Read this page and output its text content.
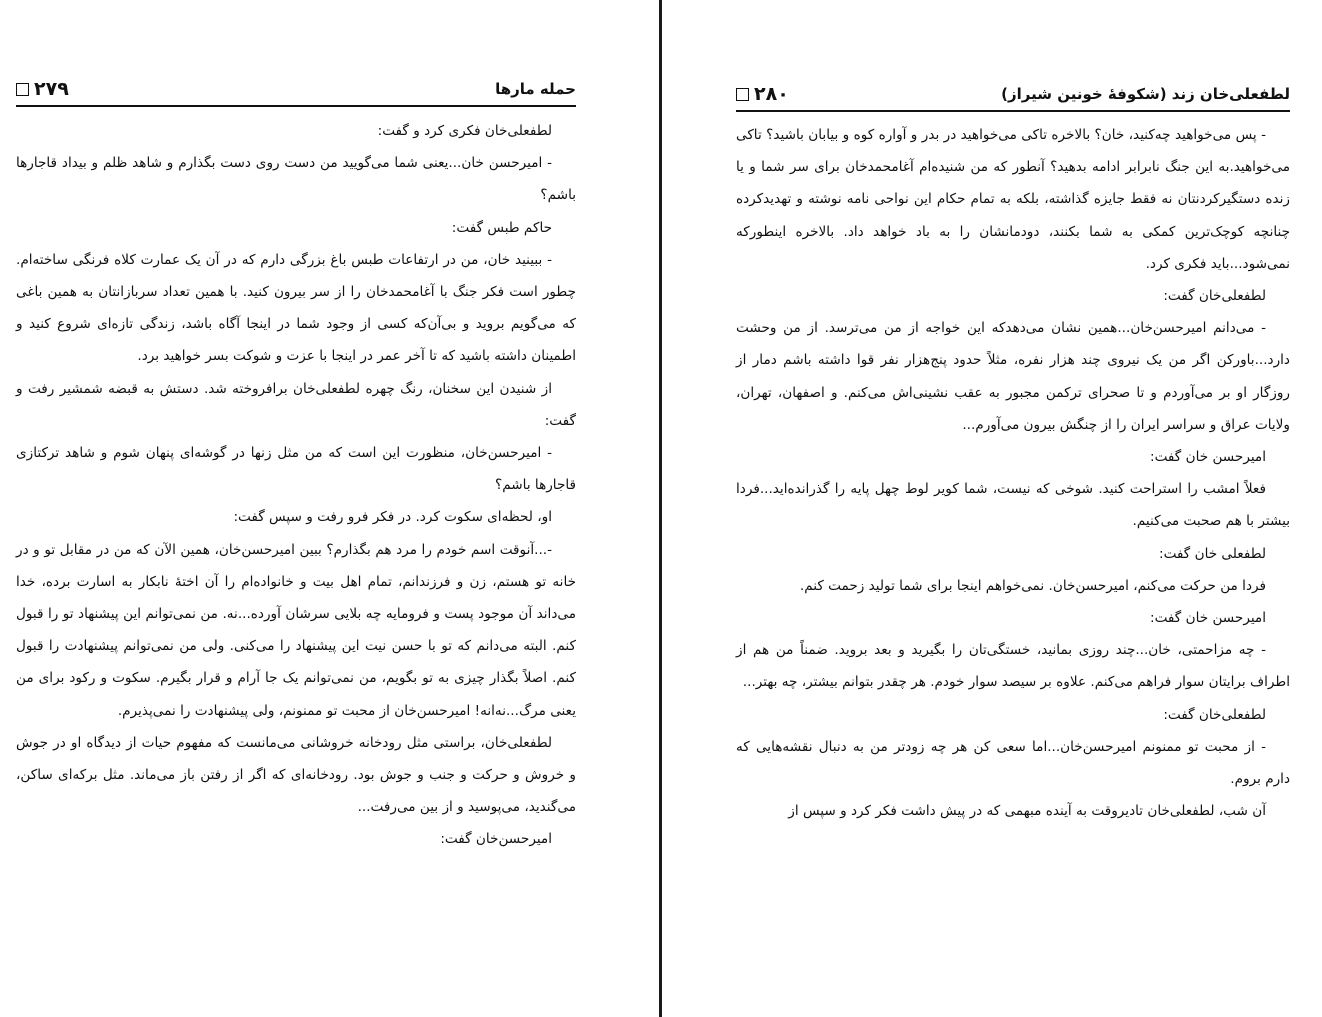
حمله مارها
۲۷۹

لطفعلی‌خان فکری کرد و گفت:

- امیرحسن خان...یعنی شما می‌گویید من دست روی دست بگذارم و شاهد ظلم و بیداد قاجارها باشم؟

حاکم طبس گفت:

- ببینید خان، من در ارتفاعات طبس باغ بزرگی دارم که در آن یک عمارت کلاه فرنگی ساخته‌ام. چطور است فکر جنگ با آغامحمدخان را از سر بیرون کنید. با همین تعداد سربازانتان به همین باغی که می‌گویم بروید و بی‌آن‌که کسی از وجود شما در اینجا آگاه باشد، زندگی تازه‌ای شروع کنید و اطمینان داشته باشید که تا آخر عمر در اینجا با عزت و شوکت بسر خواهید برد.

از شنیدن این سخنان، رنگ چهره لطفعلی‌خان برافروخته شد. دستش به قبضه شمشیر رفت و گفت:

- امیرحسن‌خان، منظورت این است که من مثل زنها در گوشه‌ای پنهان شوم و شاهد ترکتازی قاجارها باشم؟

او، لحظه‌ای سکوت کرد. در فکر فرو رفت و سپس گفت:

-...آنوقت اسم خودم را مرد هم بگذارم؟ ببین امیرحسن‌خان، همین الآن که من در مقابل تو و در خانه تو هستم، زن و فرزندانم، تمام اهل بیت و خانواده‌ام را آن اختهٔ نابکار به اسارت برده، خدا می‌داند آن موجود پست و فرومایه چه بلایی سرشان آورده...نه. من نمی‌توانم این پیشنهاد تو را قبول کنم. البته می‌دانم که تو با حسن نیت این پیشنهاد را می‌کنی. ولی من نمی‌توانم پیشنهادت را قبول کنم. اصلاً بگذار چیزی به تو بگویم، من نمی‌توانم یک جا آرام و قرار بگیرم. سکوت و رکود برای من یعنی مرگ...نه‌ا‌نه! امیرحسن‌خان از محبت تو ممنونم، ولی پیشنهادت را نمی‌پذیرم.

لطفعلی‌خان، براستی مثل رودخانه خروشانی می‌مانست که مفهوم حیات از دیدگاه او در جوش و خروش و حرکت و جنب و جوش بود. رودخانه‌ای که اگر از رفتن باز می‌ماند. مثل برکه‌ای ساکن، می‌گندید، می‌پوسید و از بین می‌رفت...

امیرحسن‌خان گفت:

لطفعلی‌خان زند (شکوفهٔ خونین شیراز)
۲۸۰

- پس می‌خواهید چه‌کنید، خان؟ بالاخره تاکی می‌خواهید در بدر و آواره کوه و بیابان باشید؟ تاکی می‌خواهید.به این جنگ نابرابر ادامه بدهید؟ آنطور که من شنیده‌ام آغامحمدخان برای سر شما و یا زنده دستگیرکردنتان نه فقط جایزه گذاشته، بلکه به تمام حکام این نواحی نامه نوشته و تهدیدکرده چنانچه کوچک‌ترین کمکی به شما بکنند، دودمانشان را به باد خواهد داد. بالاخره اینطورکه نمی‌شود...باید فکری کرد.

لطفعلی‌خان گفت:

- می‌دانم امیرحسن‌خان...همین نشان می‌دهدکه این خواجه از من می‌ترسد. از من وحشت دارد...باورکن اگر من یک نیروی چند هزار نفره، مثلاً حدود پنج‌هزار نفر قوا داشته باشم دمار از روزگار او بر می‌آوردم و تا صحرای ترکمن مجبور به عقب نشینی‌اش می‌کنم. و اصفهان، تهران، ولایات عراق و سراسر ایران را از چنگش بیرون می‌آورم...

امیرحسن خان گفت:

فعلاً امشب را استراحت کنید. شوخی که نیست، شما کویر لوط چهل پایه را گذرانده‌اید...فردا بیشتر با هم صحبت می‌کنیم.

لطفعلی خان گفت:

فردا من حرکت می‌کنم، امیرحسن‌خان. نمی‌خواهم اینجا برای شما تولید زحمت کنم.

امیرحسن خان گفت:

- چه مزاحمتی، خان...چند روزی بمانید، خستگی‌تان را بگیرید و بعد بروید. ضمناً من هم از اطراف برایتان سوار فراهم می‌کنم. علاوه بر سیصد سوار خودم. هر چقدر بتوانم بیشتر، چه بهتر...

لطفعلی‌خان گفت:

- از محبت تو ممنونم امیرحسن‌خان...اما سعی کن هر چه زودتر من به دنبال نقشه‌هایی که دارم بروم.

آن شب، لطفعلی‌خان تادیروقت به آینده مبهمی که در پیش داشت فکر کرد و سپس از
